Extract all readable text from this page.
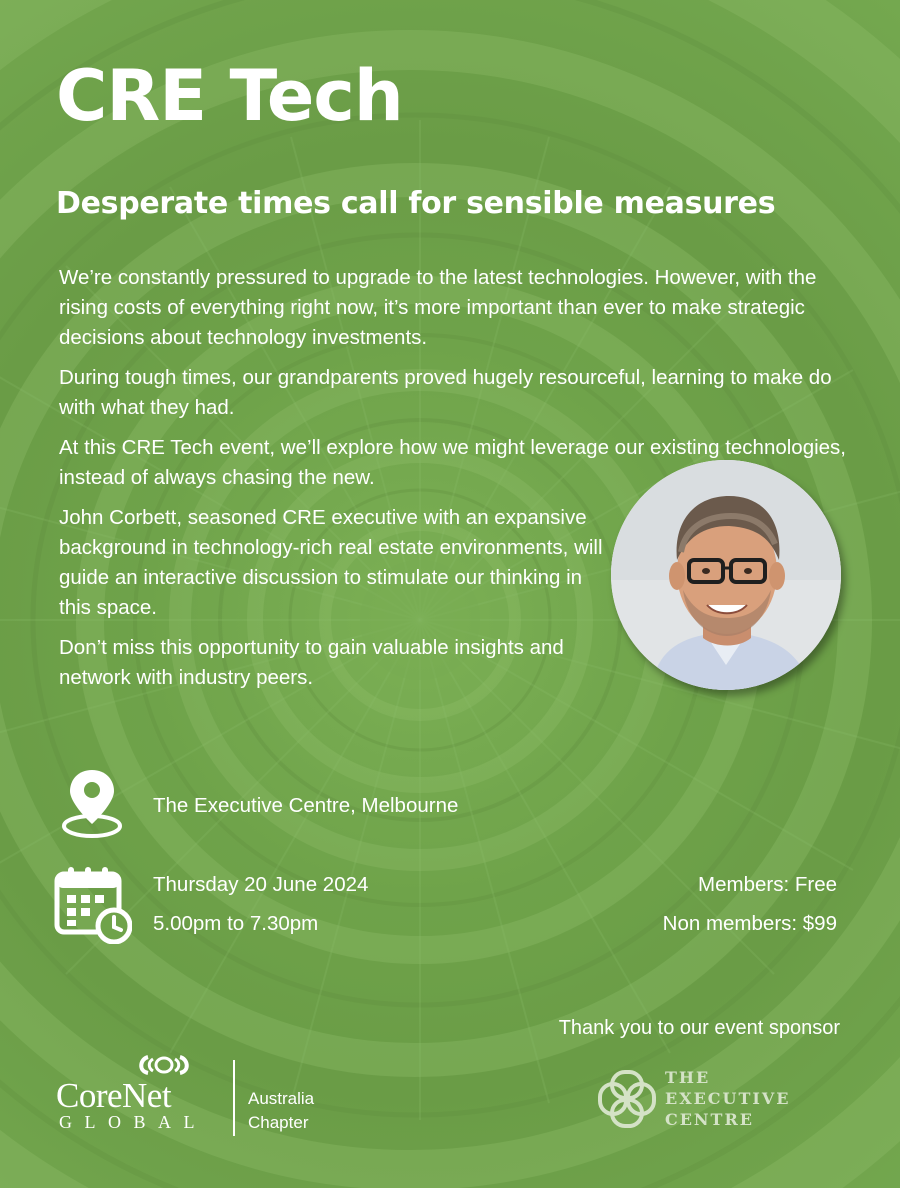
CRE Tech
Desperate times call for sensible measures

We’re constantly pressured to upgrade to the latest technologies. However, with the rising costs of everything right now, it’s more important than ever to make strategic decisions about technology investments.

During tough times, our grandparents proved hugely resourceful, learning to make do with what they had.

At this CRE Tech event, we’ll explore how we might leverage our existing technologies, instead of always chasing the new.

John Corbett, seasoned CRE executive with an expansive background in technology-rich real estate environments, will guide an interactive discussion to stimulate our thinking in this space.

Don’t miss this opportunity to gain valuable insights and network with industry peers.

The Executive Centre, Melbourne
Thursday 20 June 2024
5.00pm to 7.30pm
Members: Free
Non members: $99
Thank you to our event sponsor
CoreNet
GLOBAL
Australia
Chapter
THE
EXECUTIVE
CENTRE
